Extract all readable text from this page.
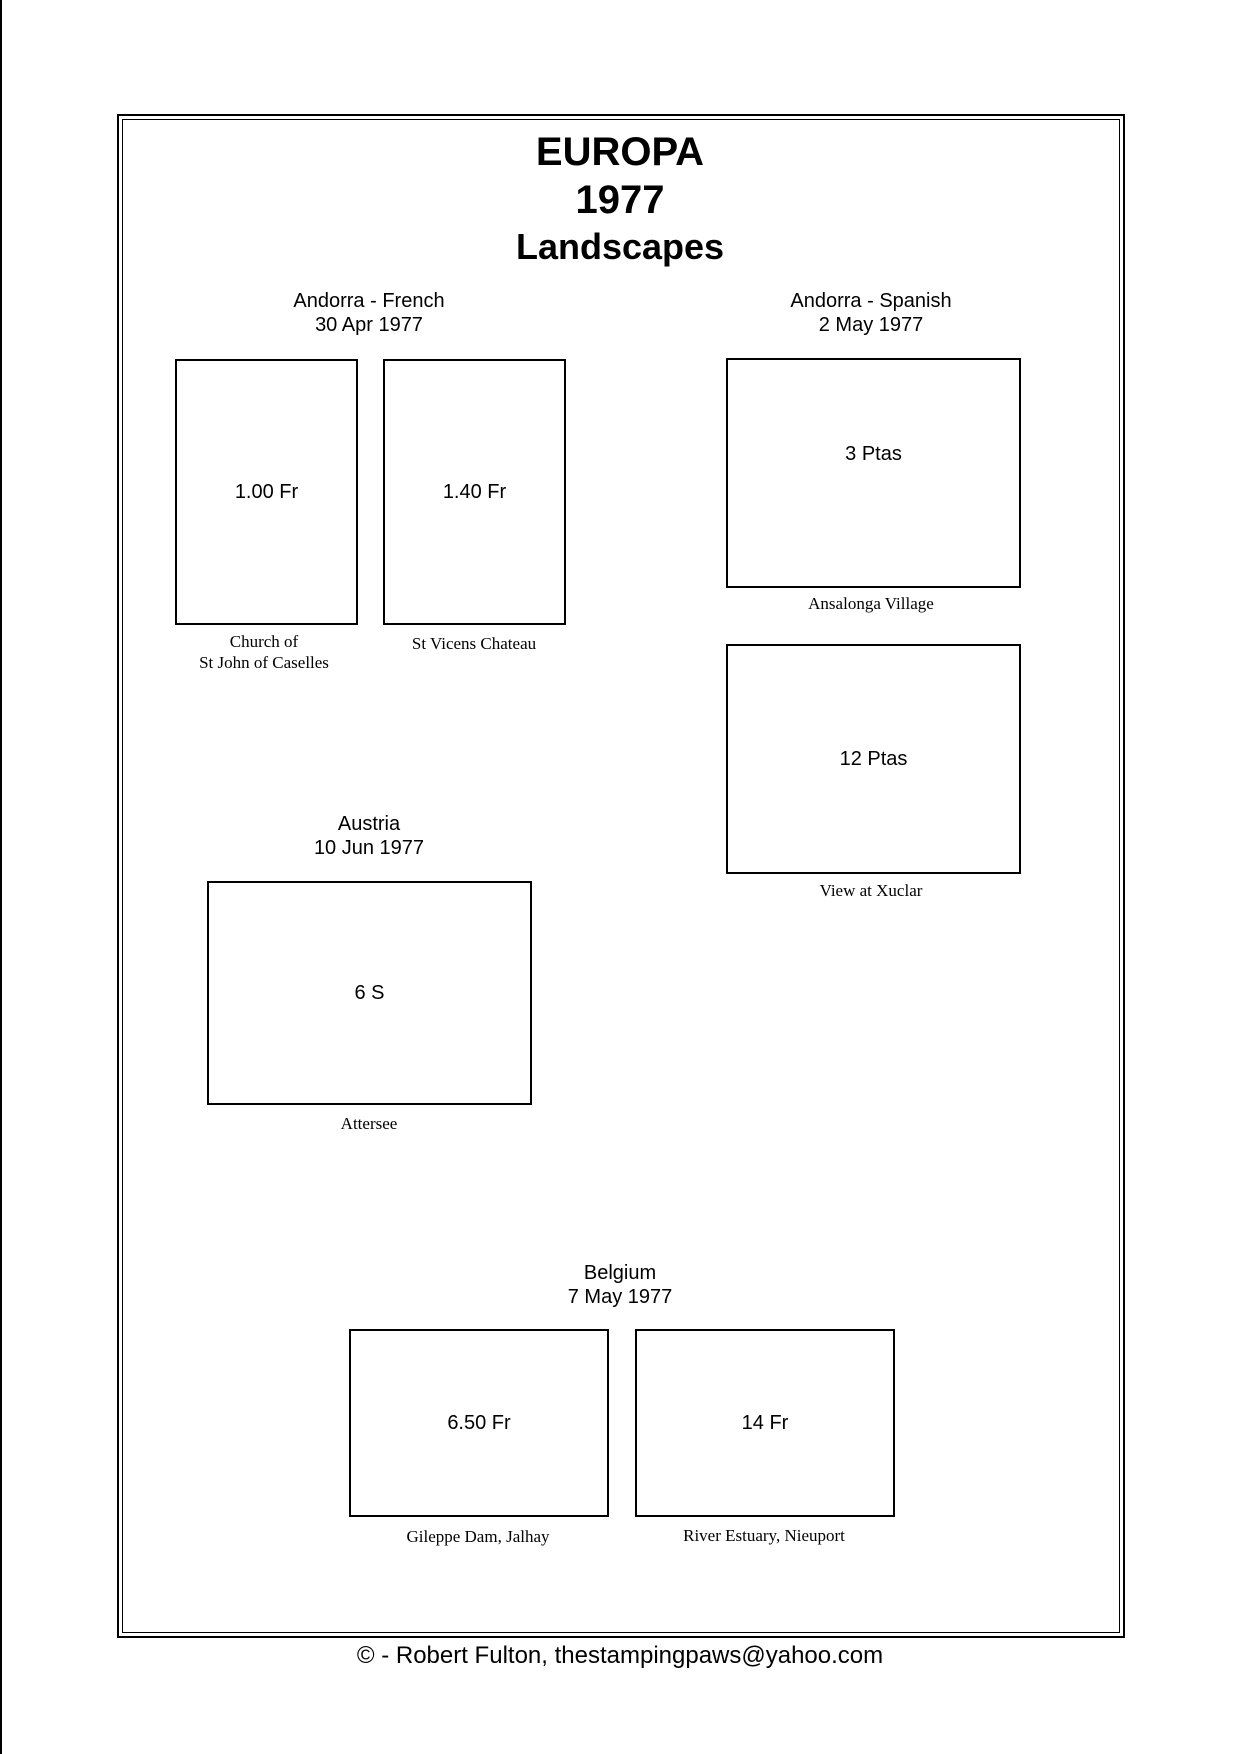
EUROPA
1977
Landscapes
Andorra - French
30 Apr 1977
1.00 Fr
Church of
St John of Caselles
1.40 Fr
St Vicens Chateau
Andorra - Spanish
2 May 1977
3 Ptas
Ansalonga Village
12 Ptas
View at Xuclar
Austria
10 Jun 1977
6 S
Attersee
Belgium
7 May 1977
6.50 Fr
Gileppe Dam, Jalhay
14 Fr
River Estuary, Nieuport
© - Robert Fulton, thestampingpaws@yahoo.com
